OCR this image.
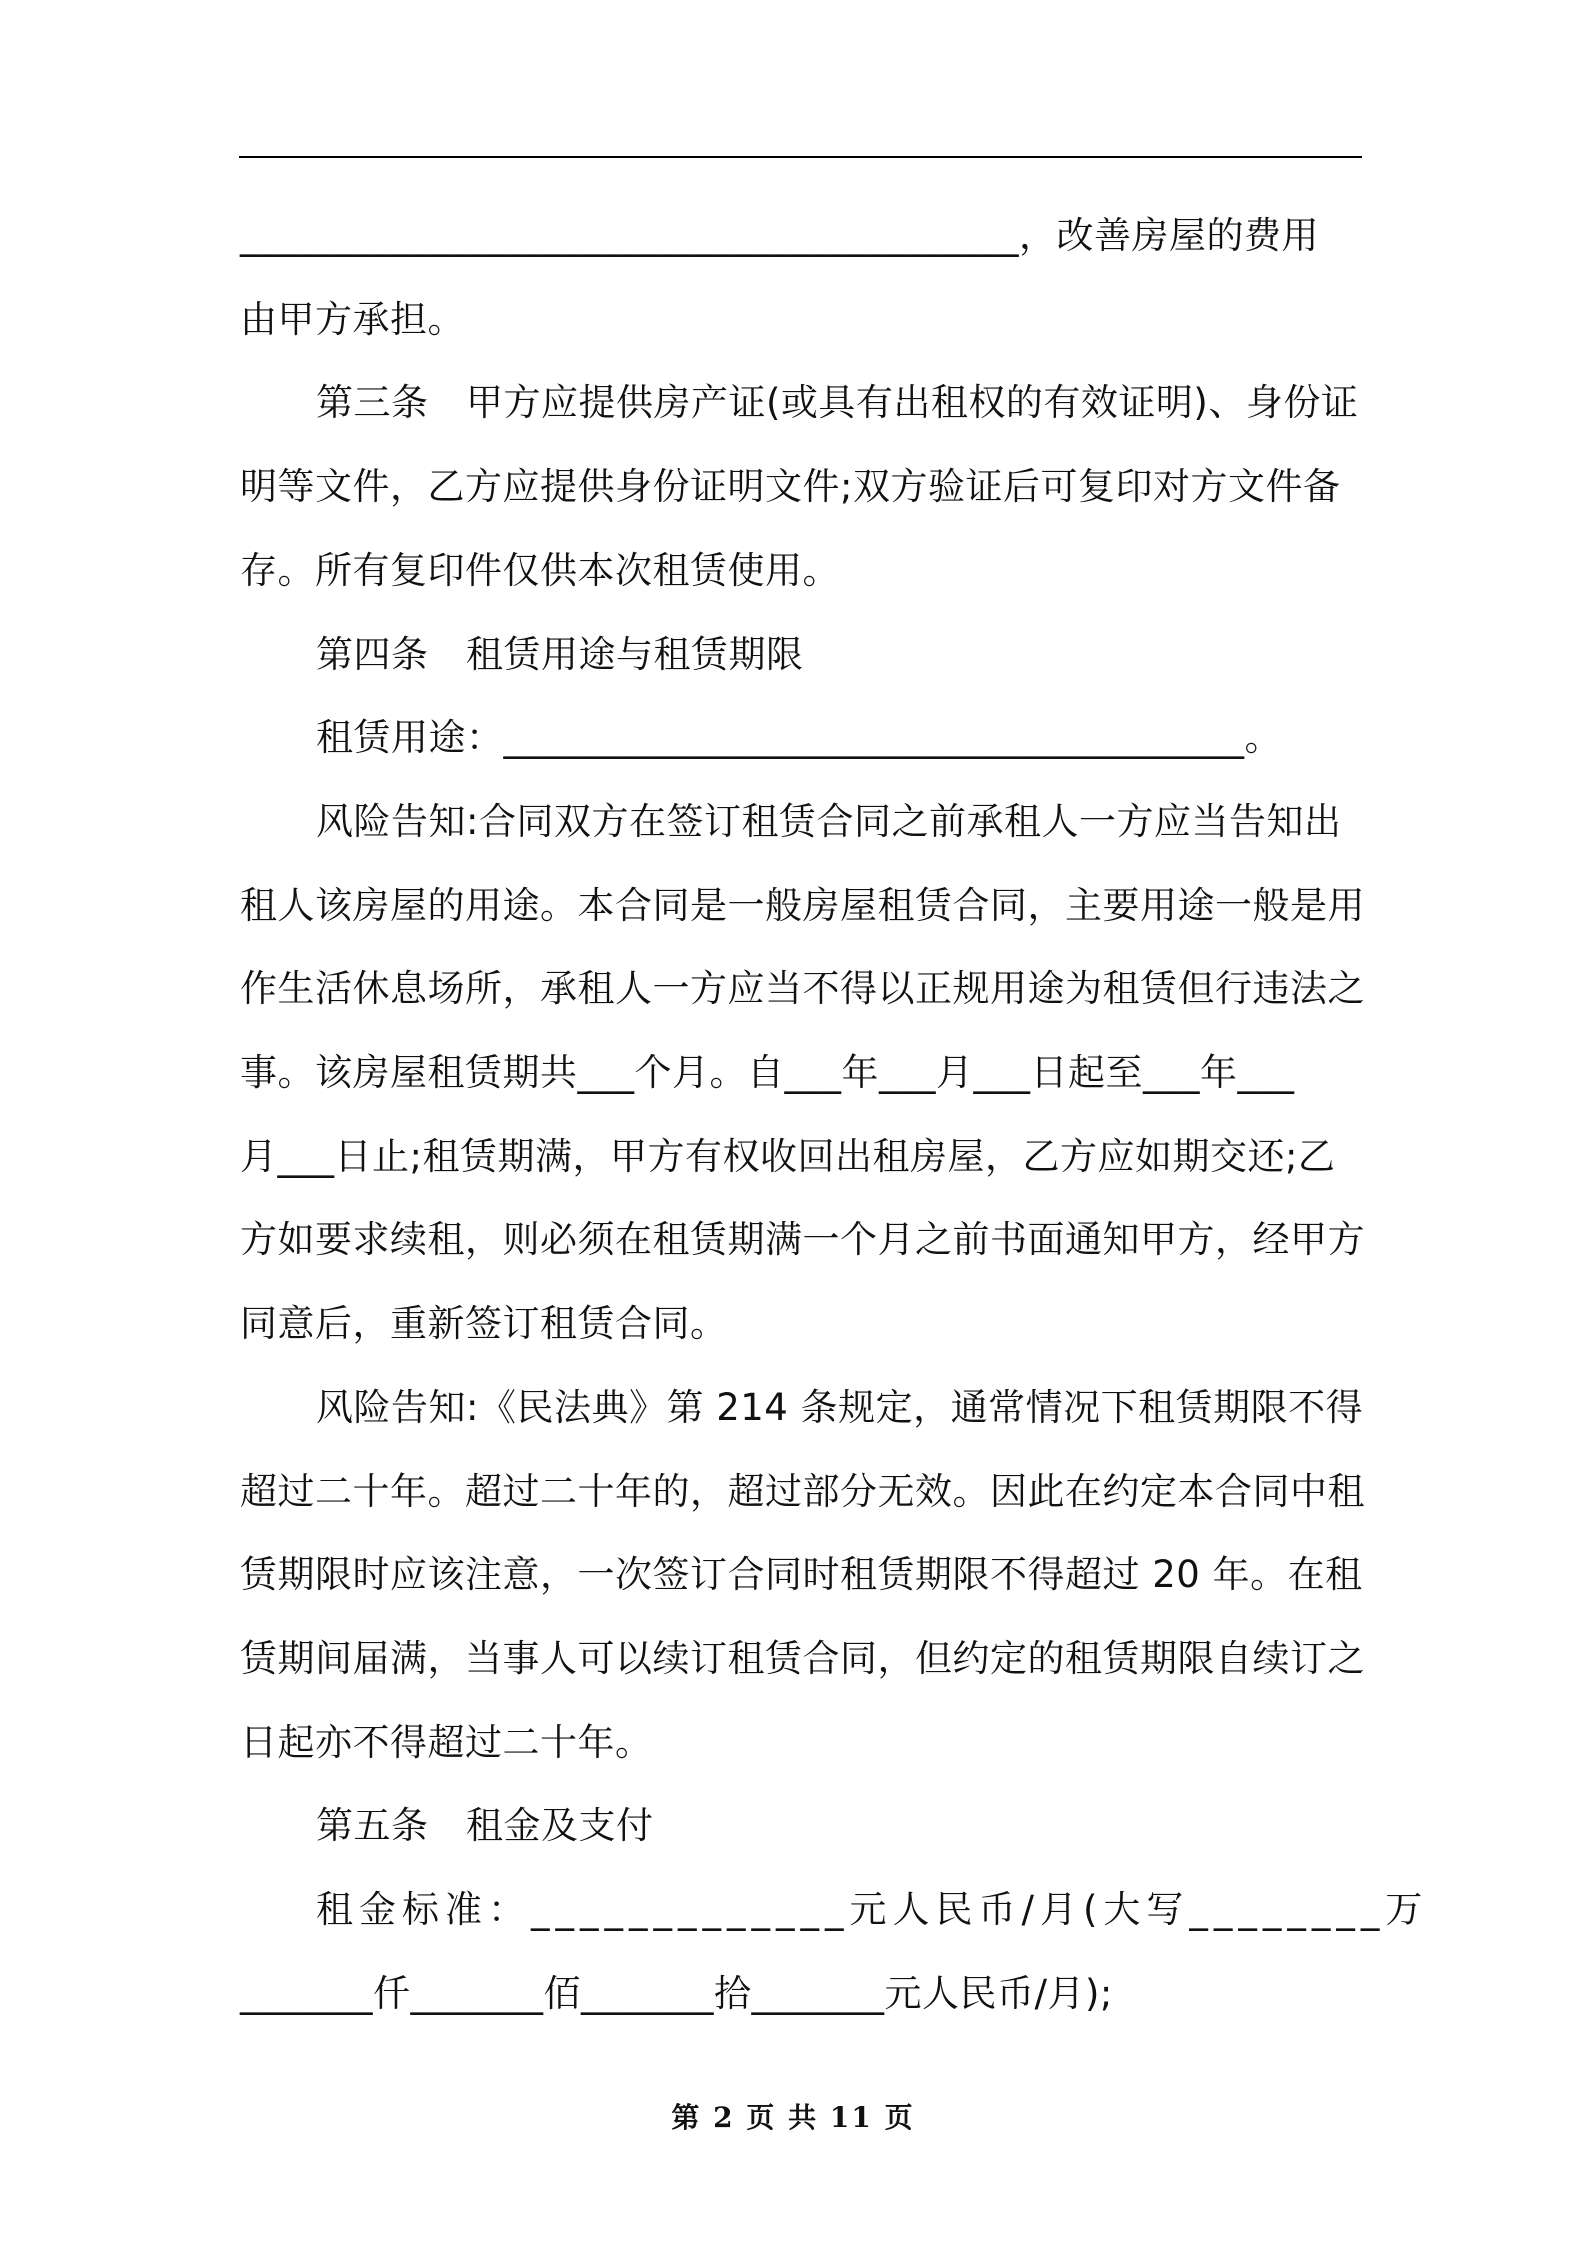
_________________________________________，改善房屋的费用

由甲方承担。

第三条　甲方应提供房产证(或具有出租权的有效证明)、身份证

明等文件，乙方应提供身份证明文件;双方验证后可复印对方文件备

存。所有复印件仅供本次租赁使用。

第四条　租赁用途与租赁期限

租赁用途：_______________________________________。

风险告知:合同双方在签订租赁合同之前承租人一方应当告知出

租人该房屋的用途。本合同是一般房屋租赁合同，主要用途一般是用

作生活休息场所，承租人一方应当不得以正规用途为租赁但行违法之

事。该房屋租赁期共___个月。自___年___月___日起至___年___

月___日止;租赁期满，甲方有权收回出租房屋，乙方应如期交还;乙

方如要求续租，则必须在租赁期满一个月之前书面通知甲方，经甲方

同意后，重新签订租赁合同。

风险告知:《民法典》第 214 条规定，通常情况下租赁期限不得

超过二十年。超过二十年的，超过部分无效。因此在约定本合同中租

赁期限时应该注意，一次签订合同时租赁期限不得超过 20 年。在租

赁期间届满，当事人可以续订租赁合同，但约定的租赁期限自续订之

日起亦不得超过二十年。

第五条　租金及支付

租金标准：_____________元人民币/月(大写________万

_______仟_______佰_______拾_______元人民币/月);

第 2 页 共 11 页
